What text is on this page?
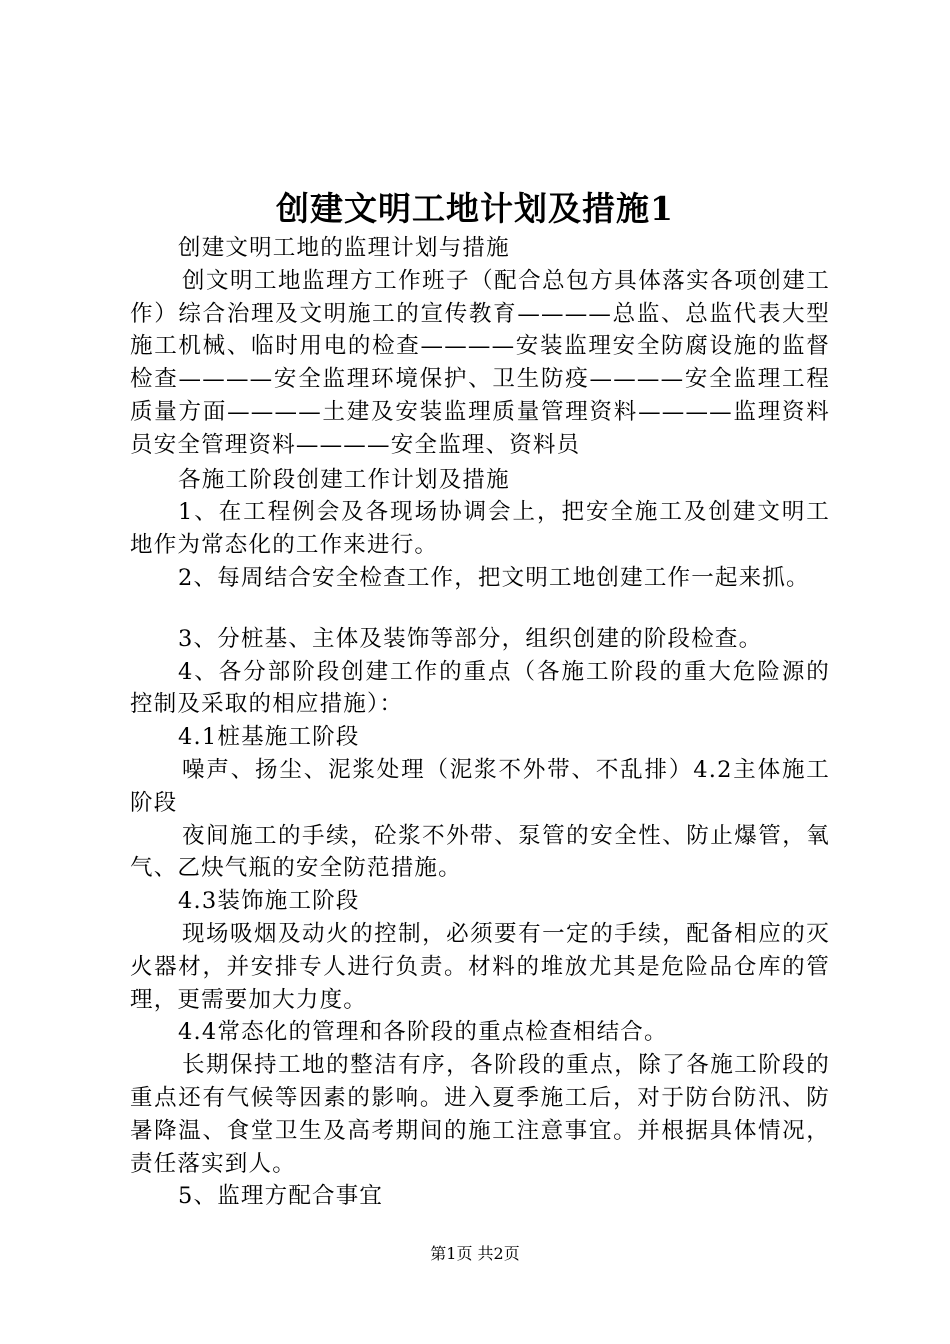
创建文明工地计划及措施1

创建文明工地的监理计划与措施

创文明工地监理方工作班子（配合总包方具体落实各项创建工作）综合治理及文明施工的宣传教育————总监、总监代表大型施工机械、临时用电的检查————安装监理安全防腐设施的监督检查————安全监理环境保护、卫生防疫————安全监理工程质量方面————土建及安装监理质量管理资料————监理资料员安全管理资料————安全监理、资料员

各施工阶段创建工作计划及措施

1、在工程例会及各现场协调会上，把安全施工及创建文明工地作为常态化的工作来进行。

2、每周结合安全检查工作，把文明工地创建工作一起来抓。

3、分桩基、主体及装饰等部分，组织创建的阶段检查。

4、各分部阶段创建工作的重点（各施工阶段的重大危险源的控制及采取的相应措施）：

4.1桩基施工阶段

噪声、扬尘、泥浆处理（泥浆不外带、不乱排）4.2主体施工阶段

夜间施工的手续，砼浆不外带、泵管的安全性、防止爆管，氧气、乙炔气瓶的安全防范措施。

4.3装饰施工阶段

现场吸烟及动火的控制，必须要有一定的手续，配备相应的灭火器材，并安排专人进行负责。材料的堆放尤其是危险品仓库的管理，更需要加大力度。

4.4常态化的管理和各阶段的重点检查相结合。

长期保持工地的整洁有序，各阶段的重点，除了各施工阶段的重点还有气候等因素的影响。进入夏季施工后，对于防台防汛、防暑降温、食堂卫生及高考期间的施工注意事宜。并根据具体情况，责任落实到人。

5、监理方配合事宜

第1页 共2页
